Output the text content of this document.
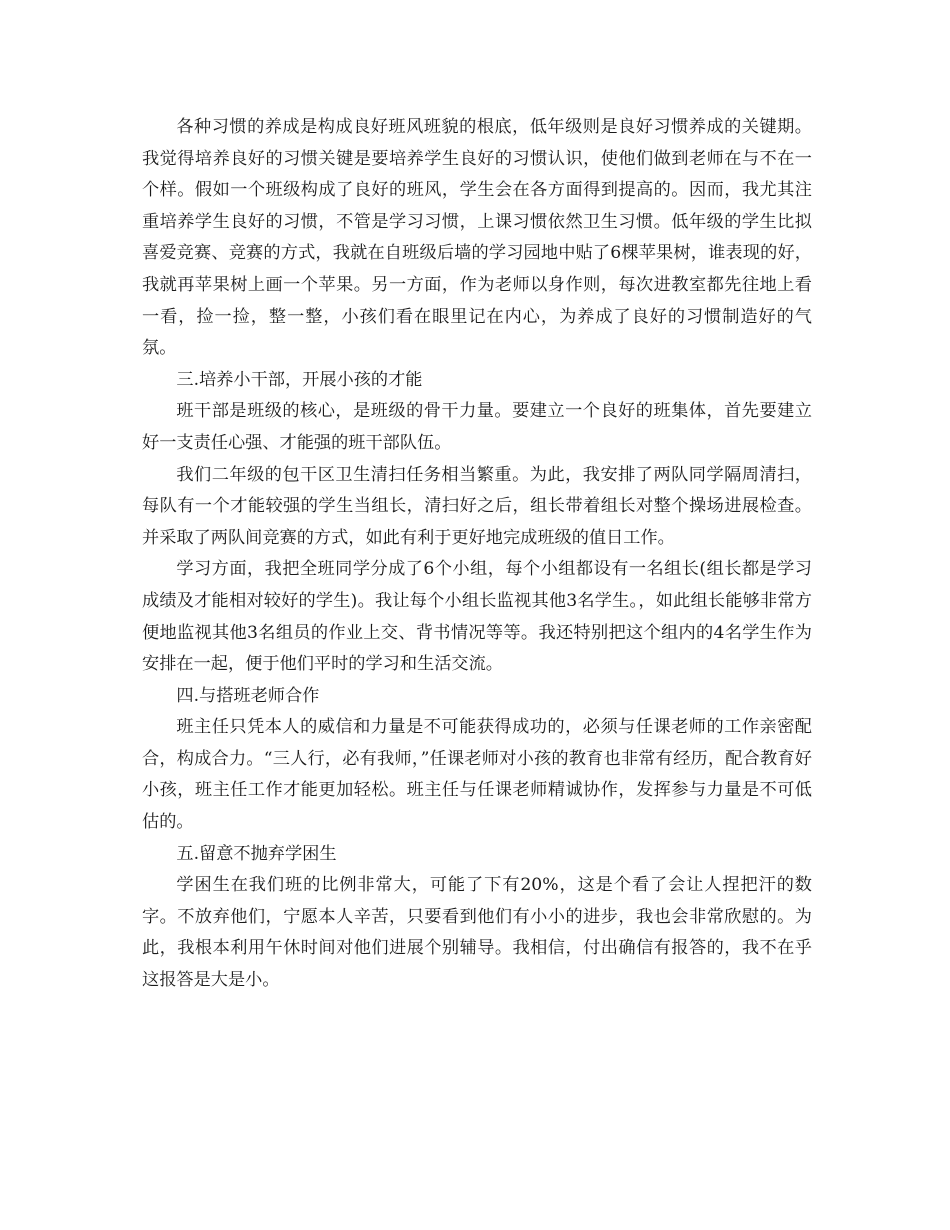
各种习惯的养成是构成良好班风班貌的根底，低年级则是良好习惯养成的关键期。我觉得培养良好的习惯关键是要培养学生良好的习惯认识，使他们做到老师在与不在一个样。假如一个班级构成了良好的班风，学生会在各方面得到提高的。因而，我尤其注重培养学生良好的习惯，不管是学习习惯，上课习惯依然卫生习惯。低年级的学生比拟喜爱竞赛、竞赛的方式，我就在自班级后墙的学习园地中贴了6棵苹果树，谁表现的好，我就再苹果树上画一个苹果。另一方面，作为老师以身作则，每次进教室都先往地上看一看，捡一捡，整一整，小孩们看在眼里记在内心，为养成了良好的习惯制造好的气氛。

三.培养小干部，开展小孩的才能

班干部是班级的核心，是班级的骨干力量。要建立一个良好的班集体，首先要建立好一支责任心强、才能强的班干部队伍。

我们二年级的包干区卫生清扫任务相当繁重。为此，我安排了两队同学隔周清扫，每队有一个才能较强的学生当组长，清扫好之后，组长带着组长对整个操场进展检查。并采取了两队间竞赛的方式，如此有利于更好地完成班级的值日工作。

学习方面，我把全班同学分成了6个小组，每个小组都设有一名组长(组长都是学习成绩及才能相对较好的学生)。我让每个小组长监视其他3名学生。，如此组长能够非常方便地监视其他3名组员的作业上交、背书情况等等。我还特别把这个组内的4名学生作为安排在一起，便于他们平时的学习和生活交流。

四.与搭班老师合作

班主任只凭本人的威信和力量是不可能获得成功的，必须与任课老师的工作亲密配合，构成合力。“三人行，必有我师，”任课老师对小孩的教育也非常有经历，配合教育好小孩，班主任工作才能更加轻松。班主任与任课老师精诚协作，发挥参与力量是不可低估的。

五.留意不抛弃学困生

学困生在我们班的比例非常大，可能了下有20%，这是个看了会让人捏把汗的数字。不放弃他们，宁愿本人辛苦，只要看到他们有小小的进步，我也会非常欣慰的。为此，我根本利用午休时间对他们进展个别辅导。我相信，付出确信有报答的，我不在乎这报答是大是小。
